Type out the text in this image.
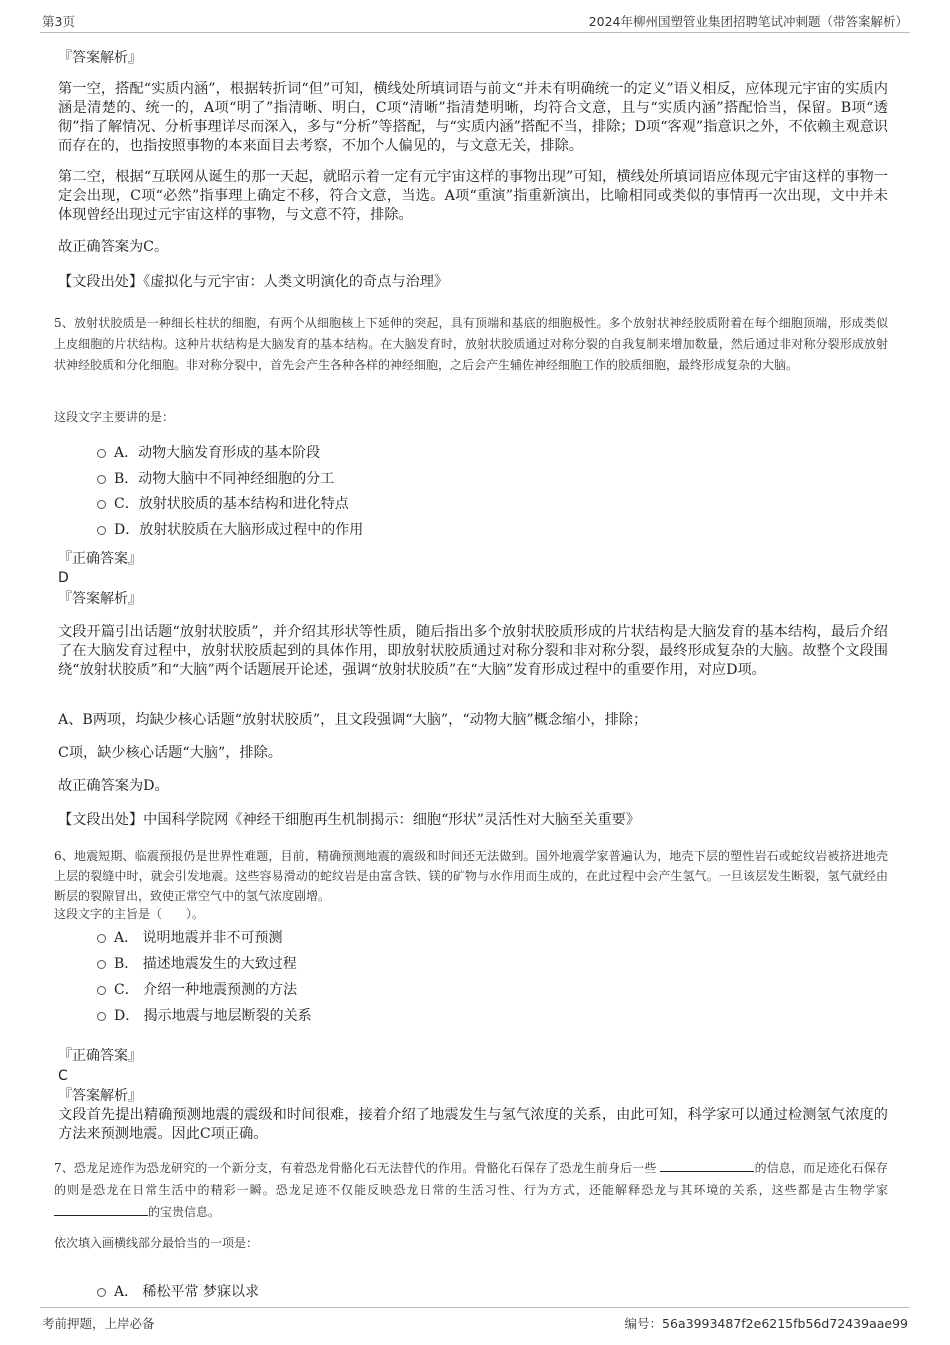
第3页	2024年柳州国塑管业集团招聘笔试冲刺题（带答案解析）
『答案解析』

第一空，搭配“实质内涵”，根据转折词“但”可知，横线处所填词语与前文“并未有明确统一的定义”语义相反，应体现元宇宙的实质内涵是清楚的、统一的，A项“明了”指清晰、明白，C项“清晰”指清楚明晰，均符合文意，且与“实质内涵”搭配恰当，保留。B项“透彻”指了解情况、分析事理详尽而深入，多与“分析”等搭配，与“实质内涵”搭配不当，排除；D项“客观”指意识之外，不依赖主观意识而存在的，也指按照事物的本来面目去考察，不加个人偏见的，与文意无关，排除。

第二空，根据“互联网从诞生的那一天起，就昭示着一定有元宇宙这样的事物出现”可知，横线处所填词语应体现元宇宙这样的事物一定会出现，C项“必然”指事理上确定不移，符合文意，当选。A项“重演”指重新演出，比喻相同或类似的事情再一次出现，文中并未体现曾经出现过元宇宙这样的事物，与文意不符，排除。

故正确答案为C。

【文段出处】《虚拟化与元宇宙：人类文明演化的奇点与治理》

5、放射状胶质是一种细长柱状的细胞，有两个从细胞核上下延伸的突起，具有顶端和基底的细胞极性。多个放射状神经胶质附着在每个细胞顶端，形成类似上皮细胞的片状结构。这种片状结构是大脑发育的基本结构。在大脑发育时，放射状胶质通过对称分裂的自我复制来增加数量，然后通过非对称分裂形成放射状神经胶质和分化细胞。非对称分裂中，首先会产生各种各样的神经细胞，之后会产生辅佐神经细胞工作的胶质细胞，最终形成复杂的大脑。

这段文字主要讲的是：

A．动物大脑发育形成的基本阶段
B．动物大脑中不同神经细胞的分工
C．放射状胶质的基本结构和进化特点
D．放射状胶质在大脑形成过程中的作用
『正确答案』
D
『答案解析』

文段开篇引出话题“放射状胶质”，并介绍其形状等性质，随后指出多个放射状胶质形成的片状结构是大脑发育的基本结构，最后介绍了在大脑发育过程中，放射状胶质起到的具体作用，即放射状胶质通过对称分裂和非对称分裂，最终形成复杂的大脑。故整个文段围绕“放射状胶质”和“大脑”两个话题展开论述，强调“放射状胶质”在“大脑”发育形成过程中的重要作用，对应D项。

A、B两项，均缺少核心话题“放射状胶质”，且文段强调“大脑”，“动物大脑”概念缩小，排除；

C项，缺少核心话题“大脑”，排除。

故正确答案为D。

【文段出处】中国科学院网《神经干细胞再生机制揭示：细胞“形状”灵活性对大脑至关重要》

6、地震短期、临震预报仍是世界性难题，目前，精确预测地震的震级和时间还无法做到。国外地震学家普遍认为，地壳下层的塑性岩石或蛇纹岩被挤进地壳上层的裂缝中时，就会引发地震。这些容易滑动的蛇纹岩是由富含铁、镁的矿物与水作用而生成的，在此过程中会产生氢气。一旦该层发生断裂，氢气就经由断层的裂隙冒出，致使正常空气中的氢气浓度剧增。

这段文字的主旨是（　　）。

A． 说明地震并非不可预测
B． 描述地震发生的大致过程
C． 介绍一种地震预测的方法
D． 揭示地震与地层断裂的关系
『正确答案』
C
『答案解析』

文段首先提出精确预测地震的震级和时间很难，接着介绍了地震发生与氢气浓度的关系，由此可知，科学家可以通过检测氢气浓度的方法来预测地震。因此C项正确。

7、恐龙足迹作为恐龙研究的一个新分支，有着恐龙骨骼化石无法替代的作用。骨骼化石保存了恐龙生前身后一些	的信息，而足迹化石保存的则是恐龙在日常生活中的精彩一瞬。恐龙足迹不仅能反映恐龙日常的生活习性、行为方式，还能解释恐龙与其环境的关系，这些都是古生物学家 的宝贵信息。

依次填入画横线部分最恰当的一项是：

A． 稀松平常 梦寐以求
考前押题，上岸必备	编号：56a3993487f2e6215fb56d72439aae99
